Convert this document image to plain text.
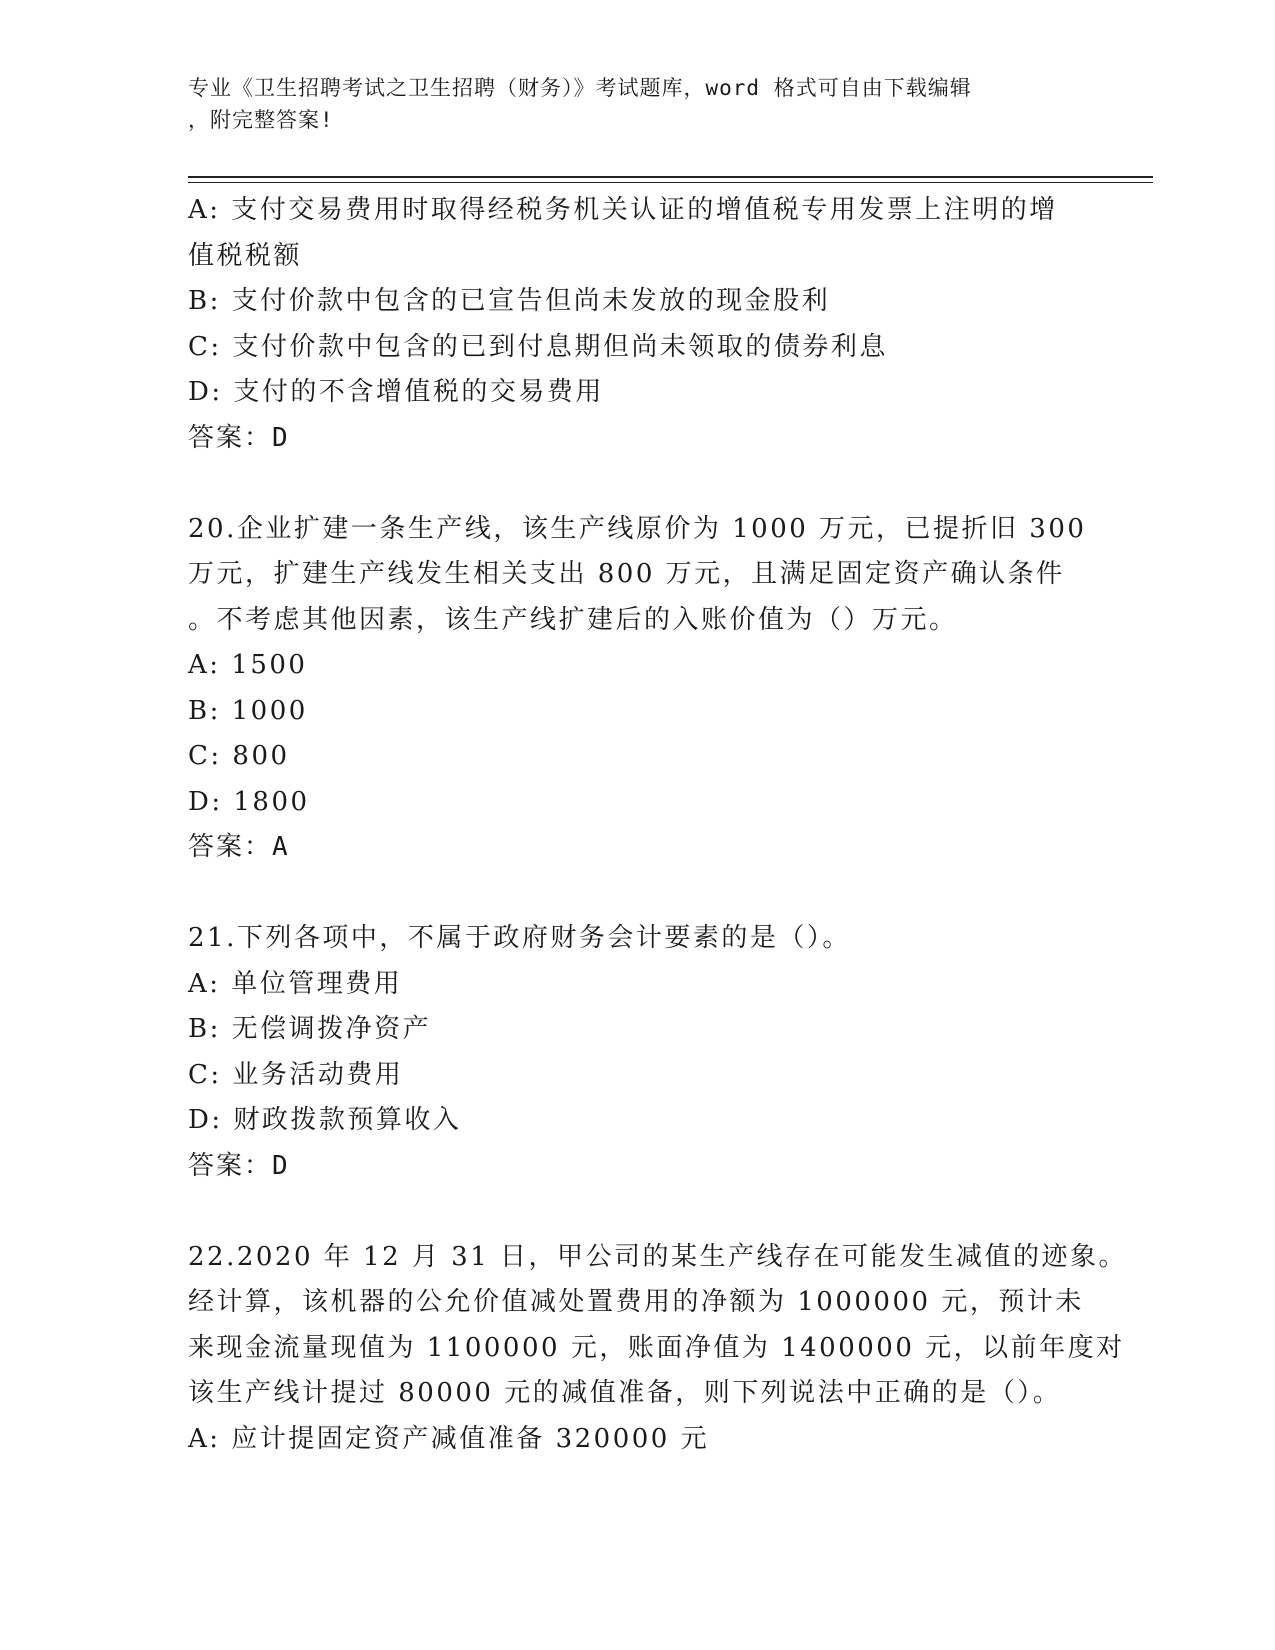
专业《卫生招聘考试之卫生招聘（财务）》考试题库，word 格式可自由下载编辑
，附完整答案!
A: 支付交易费用时取得经税务机关认证的增值税专用发票上注明的增
值税税额
B: 支付价款中包含的已宣告但尚未发放的现金股利
C: 支付价款中包含的已到付息期但尚未领取的债券利息
D: 支付的不含增值税的交易费用
答案：D
20.企业扩建一条生产线，该生产线原价为 1000 万元，已提折旧 300
万元，扩建生产线发生相关支出 800 万元，且满足固定资产确认条件
。不考虑其他因素，该生产线扩建后的入账价值为（）万元。
A: 1500
B: 1000
C: 800
D: 1800
答案：A
21.下列各项中，不属于政府财务会计要素的是（）。
A: 单位管理费用
B: 无偿调拨净资产
C: 业务活动费用
D: 财政拨款预算收入
答案：D
22.2020 年 12 月 31 日，甲公司的某生产线存在可能发生减值的迹象。
经计算，该机器的公允价值减处置费用的净额为 1000000 元，预计未
来现金流量现值为 1100000 元，账面净值为 1400000 元，以前年度对
该生产线计提过 80000 元的减值准备，则下列说法中正确的是（）。
A: 应计提固定资产减值准备 320000 元
